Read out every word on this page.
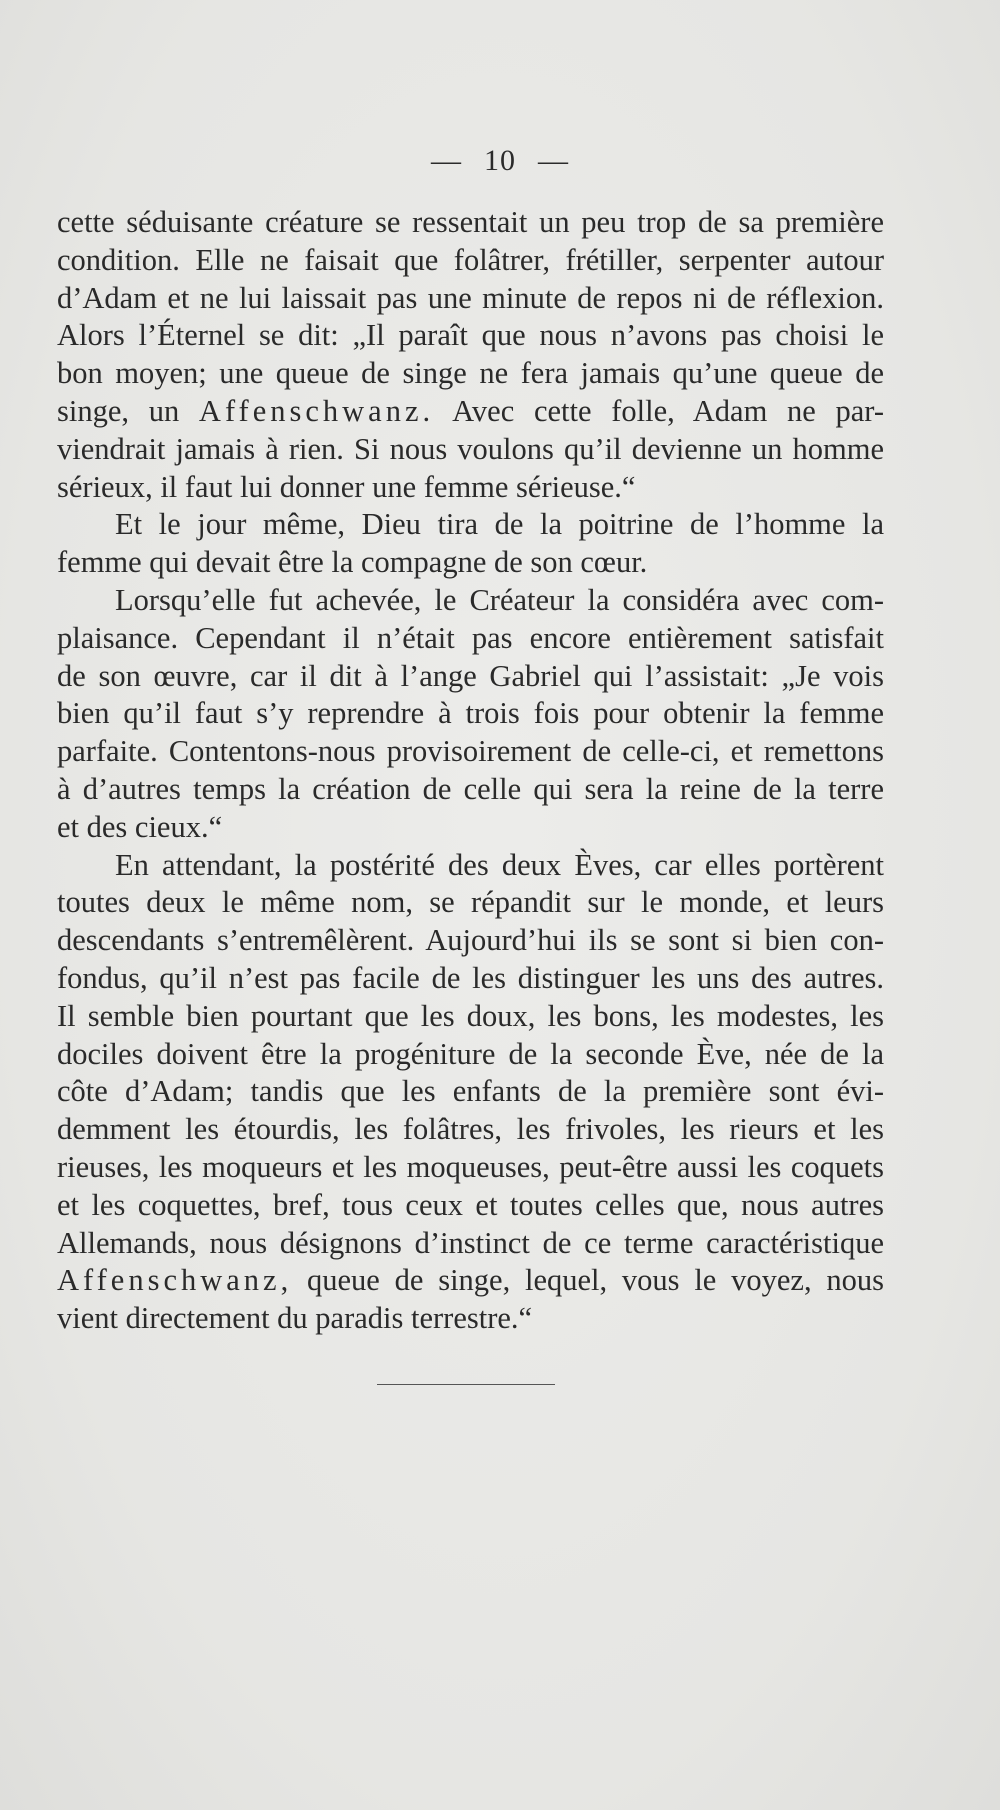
— 10 —
cette séduisante créature se ressentait un peu trop de sa première
condition. Elle ne faisait que folâtrer, frétiller, serpenter autour
d’Adam et ne lui laissait pas une minute de repos ni de réflexion.
Alors l’Éternel se dit: „Il paraît que nous n’avons pas choisi le
bon moyen; une queue de singe ne fera jamais qu’une queue de
singe, un Affenschwanz. Avec cette folle, Adam ne par-
viendrait jamais à rien. Si nous voulons qu’il devienne un homme
sérieux, il faut lui donner une femme sérieuse.“
Et le jour même, Dieu tira de la poitrine de l’homme la
femme qui devait être la compagne de son cœur.
Lorsqu’elle fut achevée, le Créateur la considéra avec com-
plaisance. Cependant il n’était pas encore entièrement satisfait
de son œuvre, car il dit à l’ange Gabriel qui l’assistait: „Je vois
bien qu’il faut s’y reprendre à trois fois pour obtenir la femme
parfaite. Contentons-nous provisoirement de celle-ci, et remettons
à d’autres temps la création de celle qui sera la reine de la terre
et des cieux.“
En attendant, la postérité des deux Èves, car elles portèrent
toutes deux le même nom, se répandit sur le monde, et leurs
descendants s’entremêlèrent. Aujourd’hui ils se sont si bien con-
fondus, qu’il n’est pas facile de les distinguer les uns des autres.
Il semble bien pourtant que les doux, les bons, les modestes, les
dociles doivent être la progéniture de la seconde Ève, née de la
côte d’Adam; tandis que les enfants de la première sont évi-
demment les étourdis, les folâtres, les frivoles, les rieurs et les
rieuses, les moqueurs et les moqueuses, peut-être aussi les coquets
et les coquettes, bref, tous ceux et toutes celles que, nous autres
Allemands, nous désignons d’instinct de ce terme caractéristique
Affenschwanz, queue de singe, lequel, vous le voyez, nous
vient directement du paradis terrestre.“
